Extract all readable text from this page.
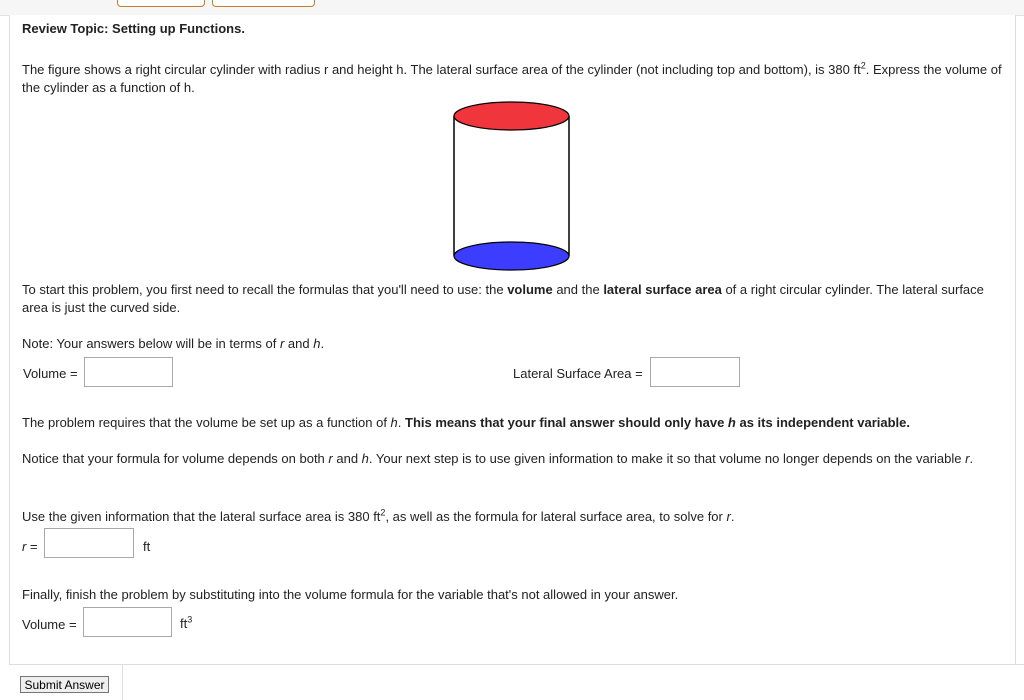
Review Topic: Setting up Functions.
The figure shows a right circular cylinder with radius r and height h. The lateral surface area of the cylinder (not including top and bottom), is 380 $ft^2$. Express the volume of the cylinder as a function of h.
To start this problem, you first need to recall the formulas that you'll need to use: the volume and the lateral surface area of a right circular cylinder. The lateral surface area is just the curved side.
Note: Your answers below will be in terms of r and h.
Volume =	Lateral Surface Area =
The problem requires that the volume be set up as a function of h. This means that your final answer should only have h as its independent variable.
Notice that your formula for volume depends on both r and h. Your next step is to use given information to make it so that volume no longer depends on the variable r.
Use the given information that the lateral surface area is 380 $ft^2$, as well as the formula for lateral surface area, to solve for r.
r =	ft
Finally, finish the problem by substituting into the volume formula for the variable that's not allowed in your answer.
Volume =	$ft^3$
Submit Answer
